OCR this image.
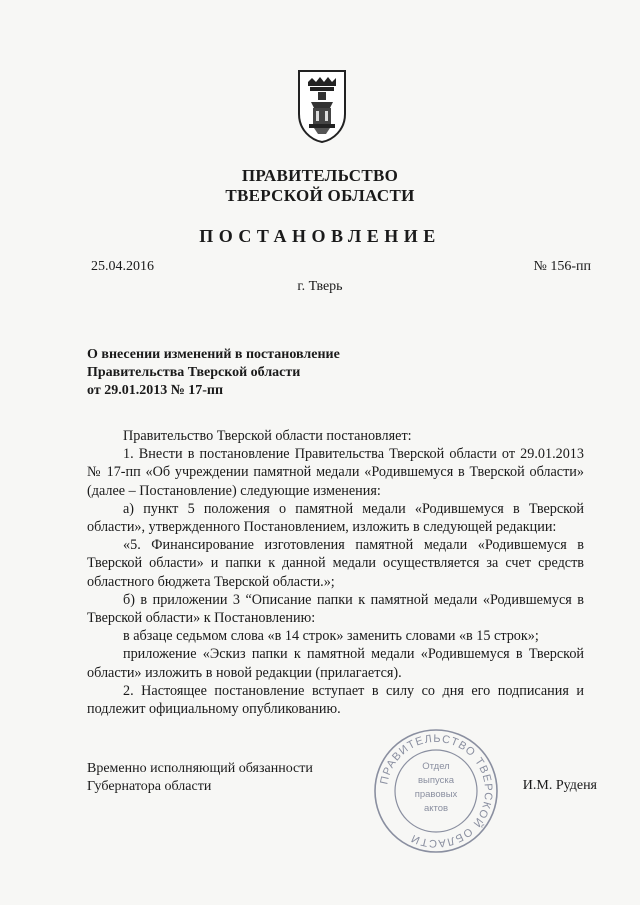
ПРАВИТЕЛЬСТВО
ТВЕРСКОЙ ОБЛАСТИ
ПОСТАНОВЛЕНИЕ
25.04.2016	№ 156-пп
г. Тверь
О внесении изменений в постановление
Правительства Тверской области
от 29.01.2013 № 17-пп

Правительство Тверской области постановляет:

1. Внести в постановление Правительства Тверской области от 29.01.2013 № 17-пп «Об учреждении памятной медали «Родившемуся в Тверской области» (далее – Постановление) следующие изменения:

а) пункт 5 положения о памятной медали «Родившемуся в Тверской области», утвержденного Постановлением, изложить в следующей редакции:

«5. Финансирование изготовления памятной медали «Родившемуся в Тверской области» и папки к данной медали осуществляется за счет средств областного бюджета Тверской области.»;

б) в приложении 3 “Описание папки к памятной медали «Родившемуся в Тверской области» к Постановлению:

в абзаце седьмом слова «в 14 строк» заменить словами «в 15 строк»;

приложение «Эскиз папки к памятной медали «Родившемуся в Тверской области» изложить в новой редакции (прилагается).

2. Настоящее постановление вступает в силу со дня его подписания и подлежит официальному опубликованию.

Временно исполняющий обязанности
Губернатора области	ПРАВИТЕЛЬСТВО ТВЕРСКОЙ ОБЛАСТИ
Отдел
выпуска
правовых
актов
И.М. Руденя
